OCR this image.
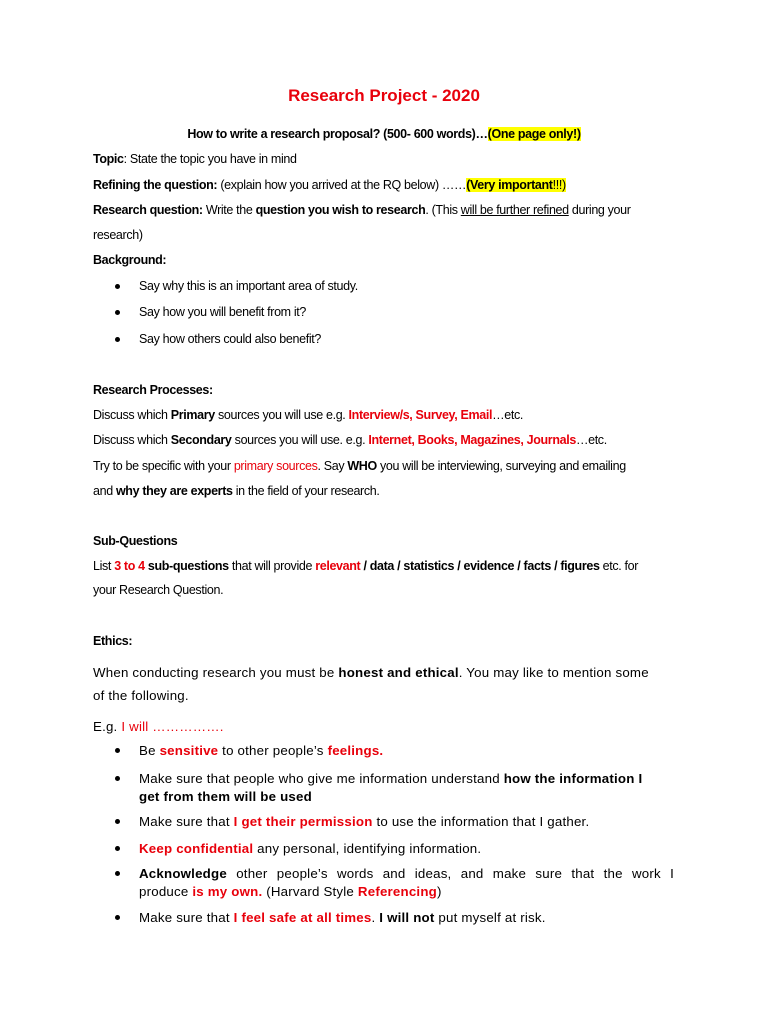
Research Project - 2020
How to write a research proposal? (500- 600 words)…(One page only!)
Topic: State the topic you have in mind
Refining the question: (explain how you arrived at the RQ below) ……(Very important!!!)
Research question: Write the question you wish to research. (This will be further refined during your
research)
Background:
Say why this is an important area of study.
Say how you will benefit from it?
Say how others could also benefit?
Research Processes:
Discuss which Primary sources you will use e.g. Interview/s, Survey, Email…etc.
Discuss which Secondary sources you will use. e.g. Internet, Books, Magazines, Journals…etc.
Try to be specific with your primary sources. Say WHO you will be interviewing, surveying and emailing
and why they are experts in the field of your research.
Sub-Questions
List 3 to 4 sub-questions that will provide relevant / data / statistics / evidence / facts / figures etc. for
your Research Question.
Ethics:
When conducting research you must be honest and ethical. You may like to mention some
of the following.
E.g. I will …………….
Be sensitive to other people’s feelings.
Make sure that people who give me information understand how the information I
get from them will be used
Make sure that I get their permission to use the information that I gather.
Keep confidential any personal, identifying information.
Acknowledge other people’s words and ideas, and make sure that the work I
produce is my own. (Harvard Style Referencing)
Make sure that I feel safe at all times. I will not put myself at risk.
